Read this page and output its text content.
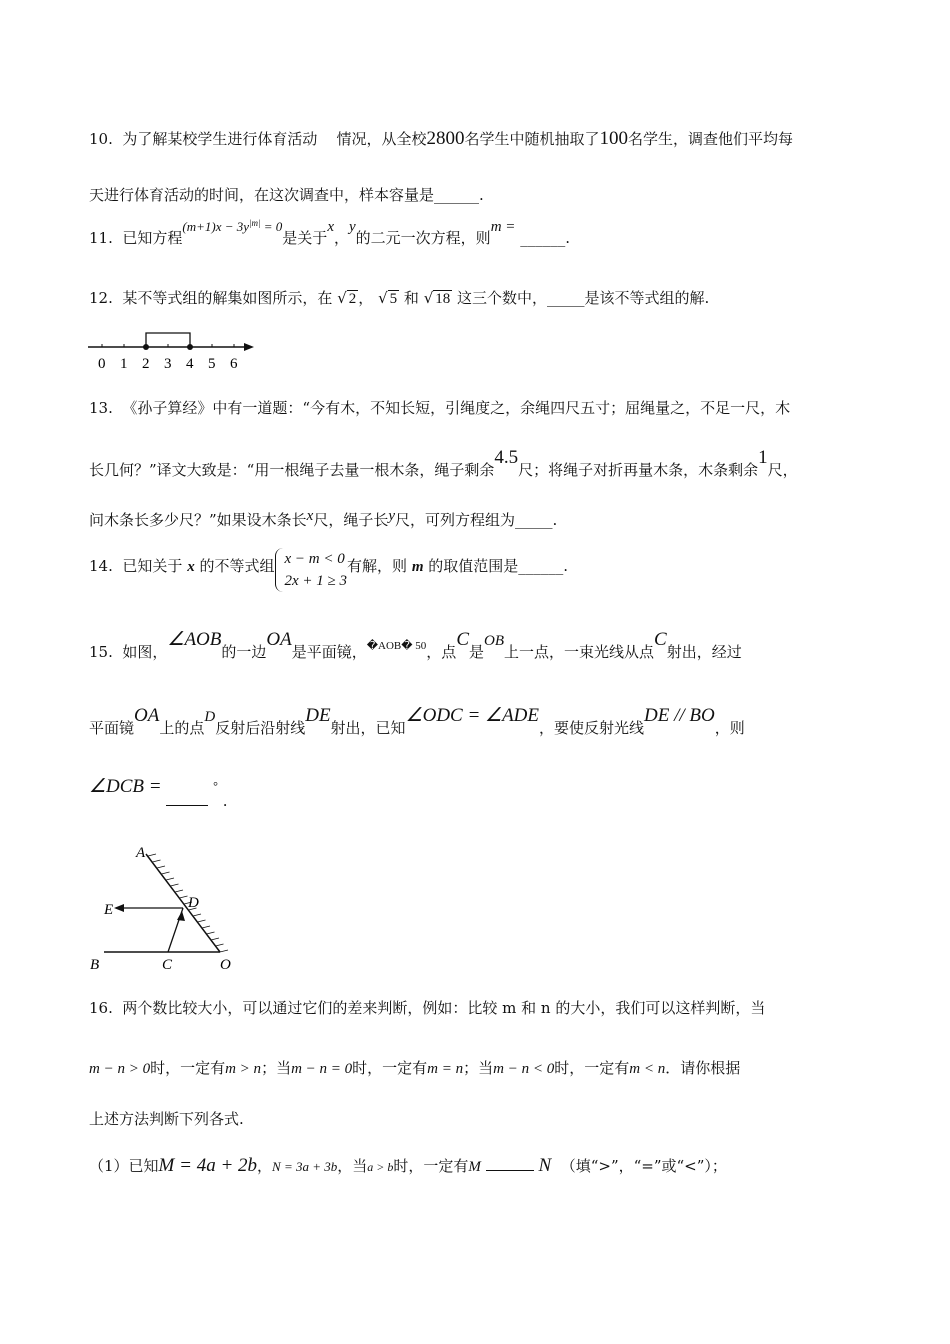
10. 为了解某校学生进行体育活动 情况，从全校2800名学生中随机抽取了100名学生，调查他们平均每
天进行体育活动的时间，在这次调查中，样本容量是______.
11. 已知方程$(m+1)x - 3y^{|m|} = 0$是关于x，y的二元一次方程，则m = ______.
12. 某不等式组的解集如图所示，在 √ 2 ， √ 5 和 √ 18 这三个数中，_____是该不等式组的解.
0 1 2 3 4 5 6
13. 《孙子算经》中有一道题：“今有木，不知长短，引绳度之，余绳四尺五寸；屈绳量之，不足一尺，木
长几何？”译文大致是：“用一根绳子去量一根木条，绳子剩余4.5尺；将绳子对折再量木条，木条剩余1尺，
问木条长多少尺？”如果设木条长x尺，绳子长y尺，可列方程组为_____.
14. 已知关于 x 的不等式组 x − m < 0
2x + 1 ≥ 3
有解，则 m 的取值范围是______.
15. 如图，∠AOB的一边OA是平面镜，$^{�AOB� 50}$，点C是OB上一点，一束光线从点C射出，经过
平面镜OA上的点D反射后沿射线DE射出，已知∠ODC = ∠ADE，要使反射光线DE // BO，则
∠DCB =	° .
A
D
E
B	C	O
16. 两个数比较大小，可以通过它们的差来判断，例如：比较 m 和 n 的大小，我们可以这样判断，当
m − n > 0时，一定有m > n；当m − n = 0时，一定有m = n；当m − n < 0时，一定有m < n．请你根据
上述方法判断下列各式.
（1）已知M = 4a + 2b，N = 3a + 3b，当a > b时，一定有M	N （填“>”，“=”或“<”）；
